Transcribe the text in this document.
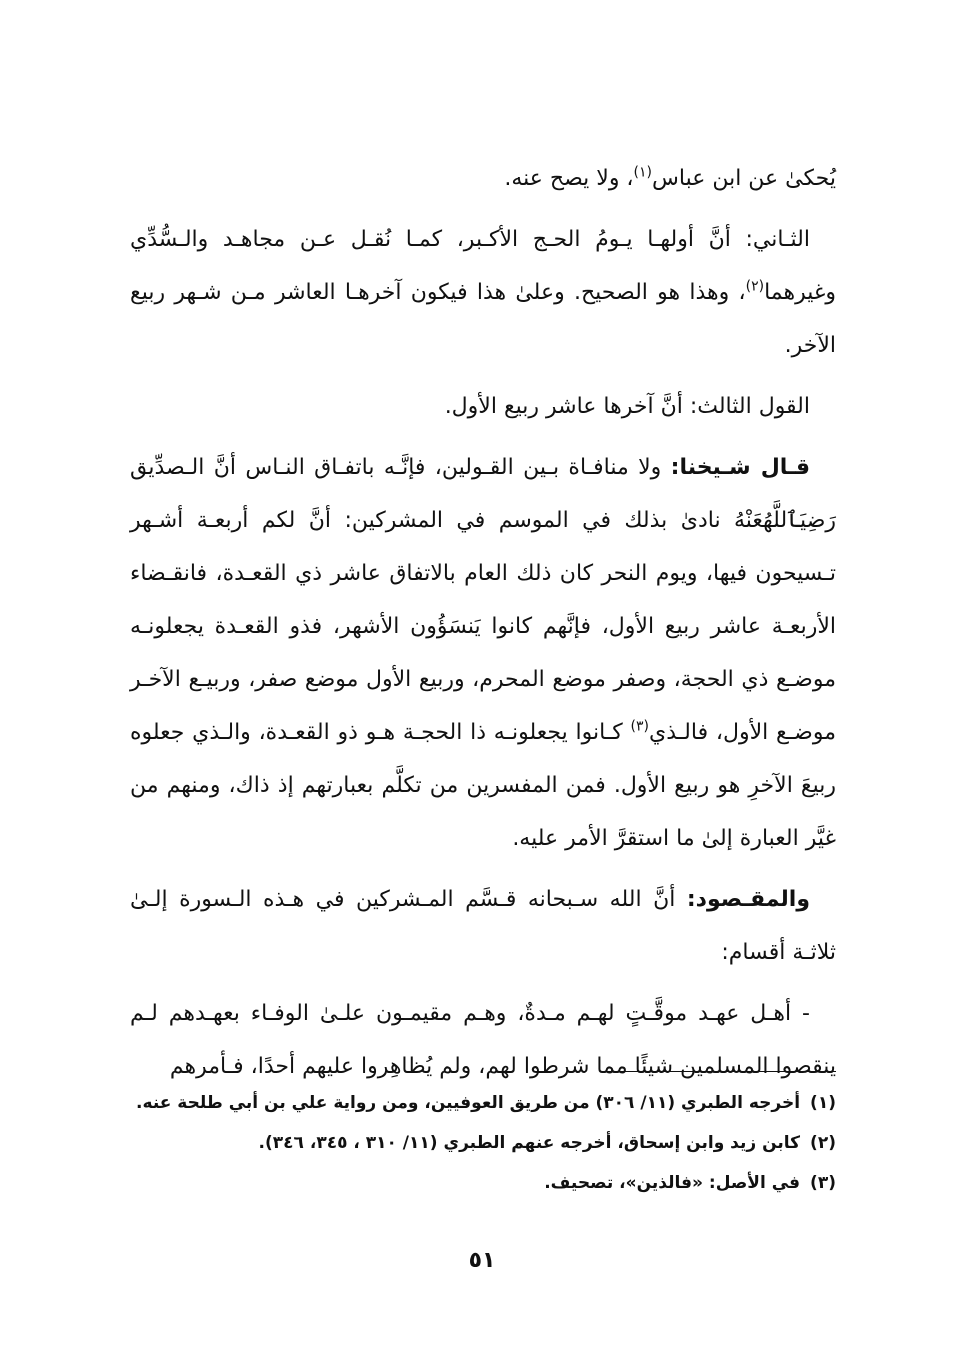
يُحكىٰ عن ابن عباس$^{(١)}$، ولا يصح عنه.

الثـاني: أنَّ أولهـا يـومُ الحـج الأكـبر، كمـا نُقـل عـن مجاهـد والـسُّدِّي وغيرهما$^{(٢)}$، وهذا هو الصحيح. وعلىٰ هذا فيكون آخرهـا العاشر مـن شـهر ربيع الآخر.

القول الثالث: أنَّ آخرها عاشر ربيع الأول.

قـال شـيخنا: ولا منافـاة بـين القـولين، فإنَّـه باتفـاق النـاس أنَّ الـصدِّيق رَضِيَٱللَّهُعَنْهُ نادىٰ بذلك في الموسم في المشركين: أنَّ لكم أربعـة أشـهر تـسيحون فيها، ويوم النحر كان ذلك العام بالاتفاق عاشر ذي القعـدة، فانقـضاء الأربعـة عاشر ربيع الأول، فإنَّهم كانوا يَنسَؤُون الأشهر، فذو القعـدة يجعلونـه موضـع ذي الحجة، وصفر موضع المحرم، وربيع الأول موضع صفر، وربيـع الآخـر موضـع الأول، فالـذي$^{(٣)}$ كـانوا يجعلونـه ذا الحجـة هـو ذو القعـدة، والـذي جعلوه ربيعَ الآخرِ هو ربيع الأول. فمن المفسرين من تكلَّم بعبارتهم إذ ذاك، ومنهم من غيَّر العبارة إلىٰ ما استقرَّ الأمر عليه.

والمقـصود: أنَّ الله سـبحانه قـسَّم المـشركين في هـذه الـسورة إلـىٰ ثلاثـة أقسام:

- أهـل عهـد موقَّـتٍ لهـم مـدةٌ، وهـم مقيمـون علـىٰ الوفـاء بعهـدهم لـم ينقصوا المسلمين شيئًا مما شرطوا لهم، ولم يُظاهِروا عليهم أحدًا، فـأمرهم

(١)أخرجه الطبري (١١/ ٣٠٦) من طريق العوفيين، ومن رواية علي بن أبي طلحة عنه.

(٢)كابن زيد وابن إسحاق، أخرجه عنهم الطبري (١١/ ٣١٠ ، ٣٤٥، ٣٤٦).

(٣)في الأصل: «فالذين»، تصحيف.

٥١
